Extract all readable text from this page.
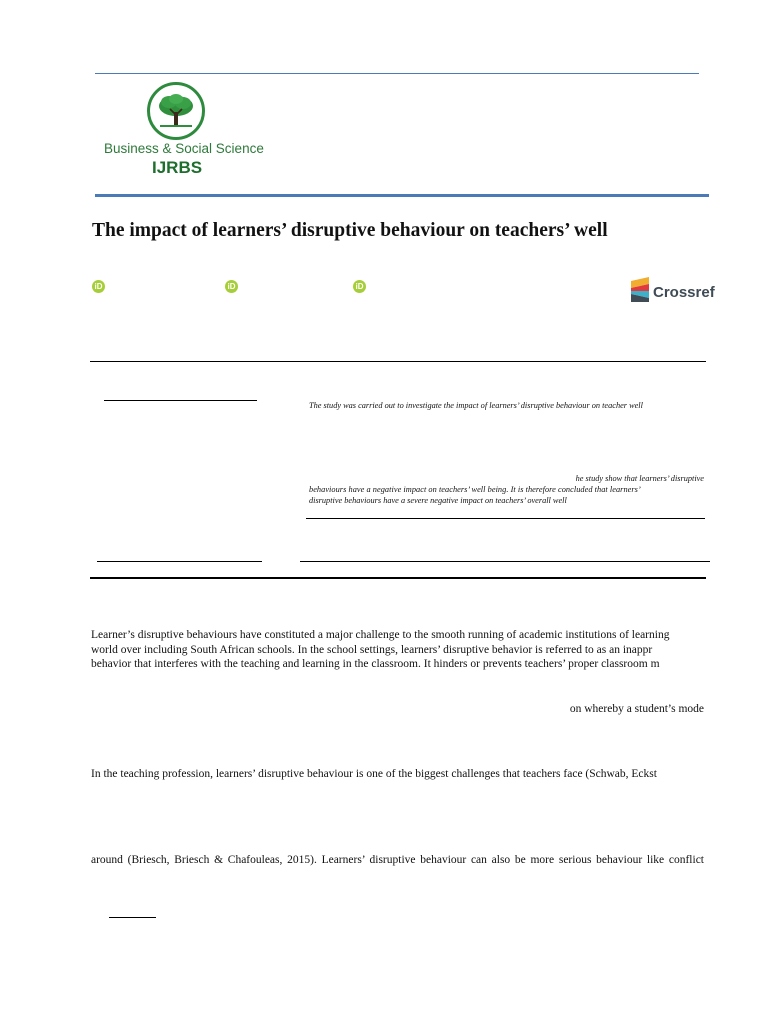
Business & Social Science
IJRBS
The impact of learners’ disruptive behaviour on teachers’ well
iD	iD	iD	Crossref
The study was carried out to investigate the impact of learners’ disruptive behaviour on teacher well
he study show that learners’ disruptive
behaviours have a negative impact on teachers’ well being. It is therefore concluded that learners’
disruptive behaviours have a severe negative impact on teachers’ overall well
Learner’s disruptive behaviours have constituted a major challenge to the smooth running of academic institutions of learning
world over including South African schools. In the school settings, learners’ disruptive behavior is referred to as an inappr
behavior that interferes with the teaching and learning in the classroom. It hinders or prevents teachers’ proper classroom m
on whereby a student’s mode
In the teaching profession, learners’ disruptive behaviour is one of the biggest challenges that teachers face (Schwab, Eckst
around (Briesch, Briesch & Chafouleas, 2015). Learners’ disruptive behaviour can also be more serious behaviour like conflict
